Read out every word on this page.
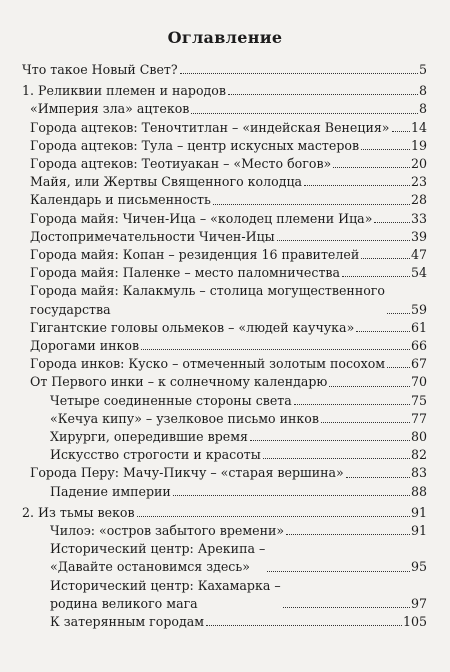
Оглавление
Что такое Новый Свет?	5
1. Реликвии племен и народов	8
«Империя зла» ацтеков	8
Города ацтеков: Теночтитлан – «индейская Венеция» 14
Города ацтеков: Тула – центр искусных мастеров	19
Города ацтеков: Теотиуакан – «Место богов»	20
Майя, или Жертвы Священного колодца	23
Календарь и письменность	28
Города майя: Чичен-Ица – «колодец племени Ица»	33
Достопримечательности Чичен-Ицы	39
Города майя: Копан – резиденция 16 правителей	47
Города майя: Паленке – место паломничества	54
Города майя: Калакмуль – столица могущественного
государства	59
Гигантские головы ольмеков – «людей каучука»	61
Дорогами инков	66
Города инков: Куско – отмеченный золотым посохом 67
От Первого инки – к солнечному календарю	70
Четыре соединенные стороны света	75
«Кечуа кипу» – узелковое письмо инков	77
Хирурги, опередившие время	80
Искусство строгости и красоты	82
Города Перу: Мачу-Пикчу – «старая вершина»	83
Падение империи	88
2. Из тьмы веков	91
Чилоэ: «остров забытого времени»	91
Исторический центр: Арекипа –
«Давайте остановимся здесь»	95
Исторический центр: Кахамарка –
родина великого мага	97
К затерянным городам	105
